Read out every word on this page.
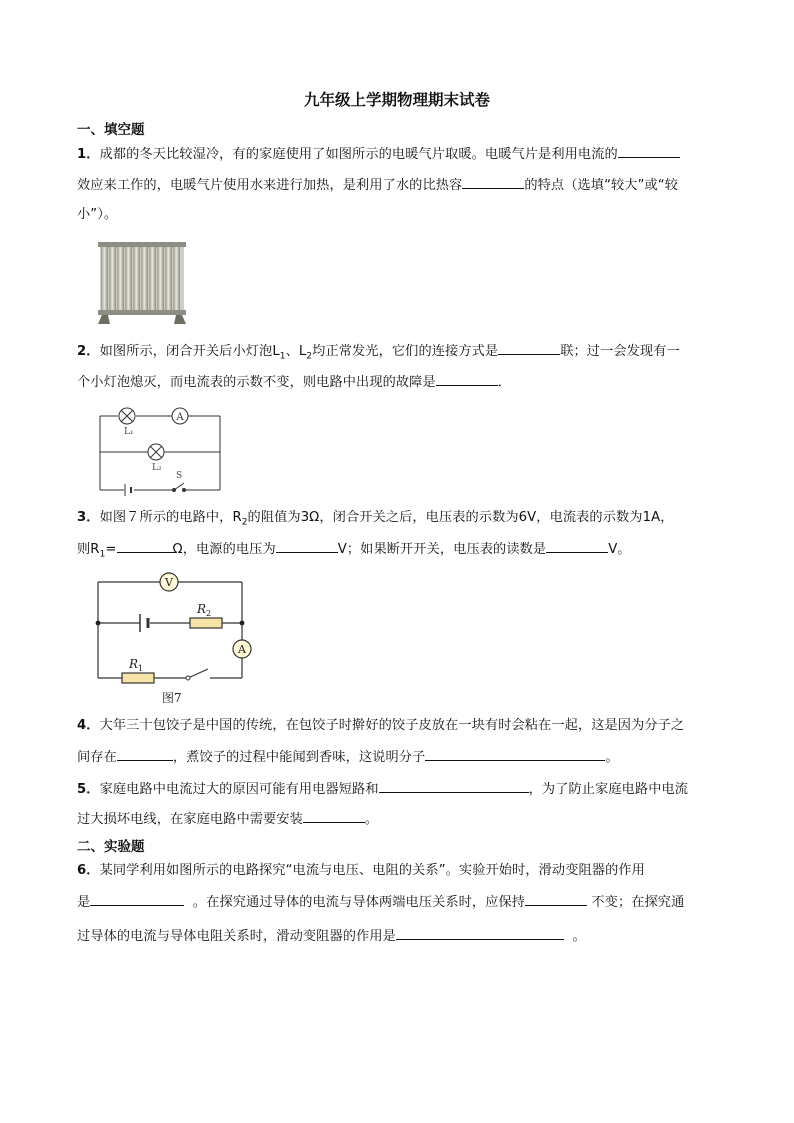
九年级上学期物理期末试卷
一、填空题
1．成都的冬天比较湿冷，有的家庭使用了如图所示的电暖气片取暖。电暖气片是利用电流的
效应来工作的，电暖气片使用水来进行加热，是利用了水的比热容	的特点（选填“较大”或“较
小”）。
2．如图所示，闭合开关后小灯泡$L_1$、$L_2$均正常发光，它们的连接方式是	联；过一会发现有一
个小灯泡熄灭，而电流表的示数不变，则电路中出现的故障是	．
A
L₁
L₂
S
3．如图７所示的电路中，$R_2$的阻值为3Ω，闭合开关之后，电压表的示数为6V，电流表的示数为1A，
则$R_1=$	Ω，电源的电压为	V；如果断开开关，电压表的读数是	V。
V
A
$R_2$
$R_1$
图7
4．大年三十包饺子是中国的传统，在包饺子时擀好的饺子皮放在一块有时会粘在一起，这是因为分子之
间存在	，煮饺子的过程中能闻到香味，这说明分子	。
5．家庭电路中电流过大的原因可能有用电器短路和	，为了防止家庭电路中电流
过大损坏电线，在家庭电路中需要安装	。
二、实验题
6．某同学利用如图所示的电路探究“电流与电压、电阻的关系”。实验开始时，滑动变阻器的作用
是	。在探究通过导体的电流与导体两端电压关系时，应保持	不变；在探究通
过导体的电流与导体电阻关系时，滑动变阻器的作用是	。
